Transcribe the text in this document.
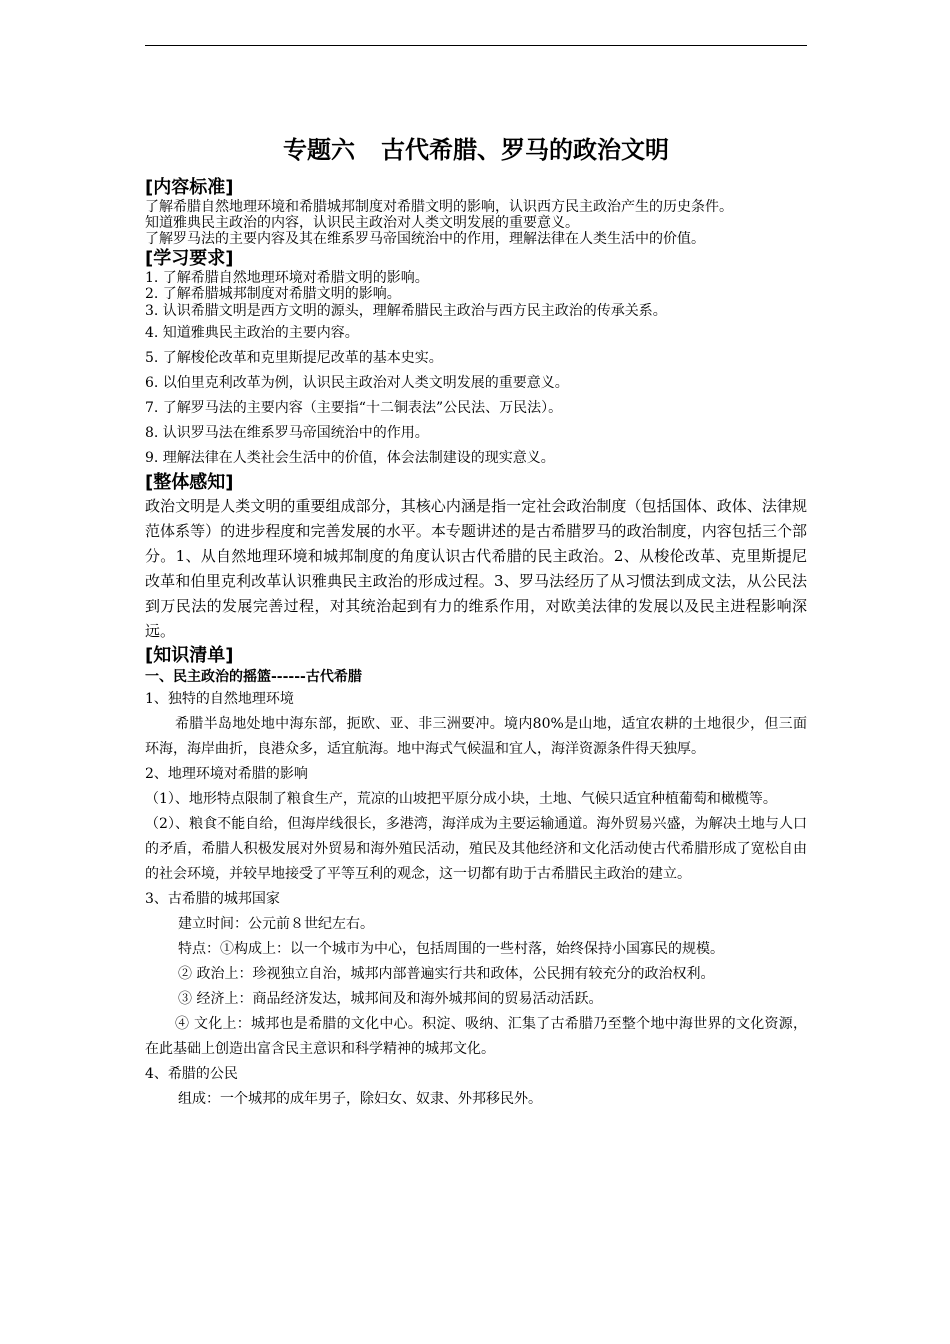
专题六 古代希腊、罗马的政治文明
[内容标准]
了解希腊自然地理环境和希腊城邦制度对希腊文明的影响，认识西方民主政治产生的历史条件。
知道雅典民主政治的内容，认识民主政治对人类文明发展的重要意义。
了解罗马法的主要内容及其在维系罗马帝国统治中的作用，理解法律在人类生活中的价值。
[学习要求]
1. 了解希腊自然地理环境对希腊文明的影响。
2. 了解希腊城邦制度对希腊文明的影响。
3. 认识希腊文明是西方文明的源头，理解希腊民主政治与西方民主政治的传承关系。
4. 知道雅典民主政治的主要内容。
5. 了解梭伦改革和克里斯提尼改革的基本史实。
6. 以伯里克利改革为例，认识民主政治对人类文明发展的重要意义。
7. 了解罗马法的主要内容（主要指“十二铜表法”公民法、万民法）。
8. 认识罗马法在维系罗马帝国统治中的作用。
9. 理解法律在人类社会生活中的价值，体会法制建设的现实意义。
[整体感知]
政治文明是人类文明的重要组成部分，其核心内涵是指一定社会政治制度（包括国体、政体、法律规范体系等）的进步程度和完善发展的水平。本专题讲述的是古希腊罗马的政治制度，内容包括三个部分。1、从自然地理环境和城邦制度的角度认识古代希腊的民主政治。2、从梭伦改革、克里斯提尼改革和伯里克利改革认识雅典民主政治的形成过程。3、罗马法经历了从习惯法到成文法，从公民法到万民法的发展完善过程，对其统治起到有力的维系作用，对欧美法律的发展以及民主进程影响深远。
[知识清单]
一、民主政治的摇篮------古代希腊
1、独特的自然地理环境
希腊半岛地处地中海东部，扼欧、亚、非三洲要冲。境内80%是山地，适宜农耕的土地很少，但三面环海，海岸曲折，良港众多，适宜航海。地中海式气候温和宜人，海洋资源条件得天独厚。
2、地理环境对希腊的影响
（1）、地形特点限制了粮食生产，荒凉的山坡把平原分成小块，土地、气候只适宜种植葡萄和橄榄等。
（2）、粮食不能自给，但海岸线很长，多港湾，海洋成为主要运输通道。海外贸易兴盛，为解决土地与人口的矛盾，希腊人积极发展对外贸易和海外殖民活动，殖民及其他经济和文化活动使古代希腊形成了宽松自由的社会环境，并较早地接受了平等互利的观念，这一切都有助于古希腊民主政治的建立。
3、古希腊的城邦国家
建立时间：公元前８世纪左右。
特点：①构成上：以一个城市为中心，包括周围的一些村落，始终保持小国寡民的规模。
② 政治上：珍视独立自治，城邦内部普遍实行共和政体，公民拥有较充分的政治权利。
③ 经济上：商品经济发达，城邦间及和海外城邦间的贸易活动活跃。
④ 文化上：城邦也是希腊的文化中心。积淀、吸纳、汇集了古希腊乃至整个地中海世界的文化资源，在此基础上创造出富含民主意识和科学精神的城邦文化。
4、希腊的公民
组成：一个城邦的成年男子，除妇女、奴隶、外邦移民外。
